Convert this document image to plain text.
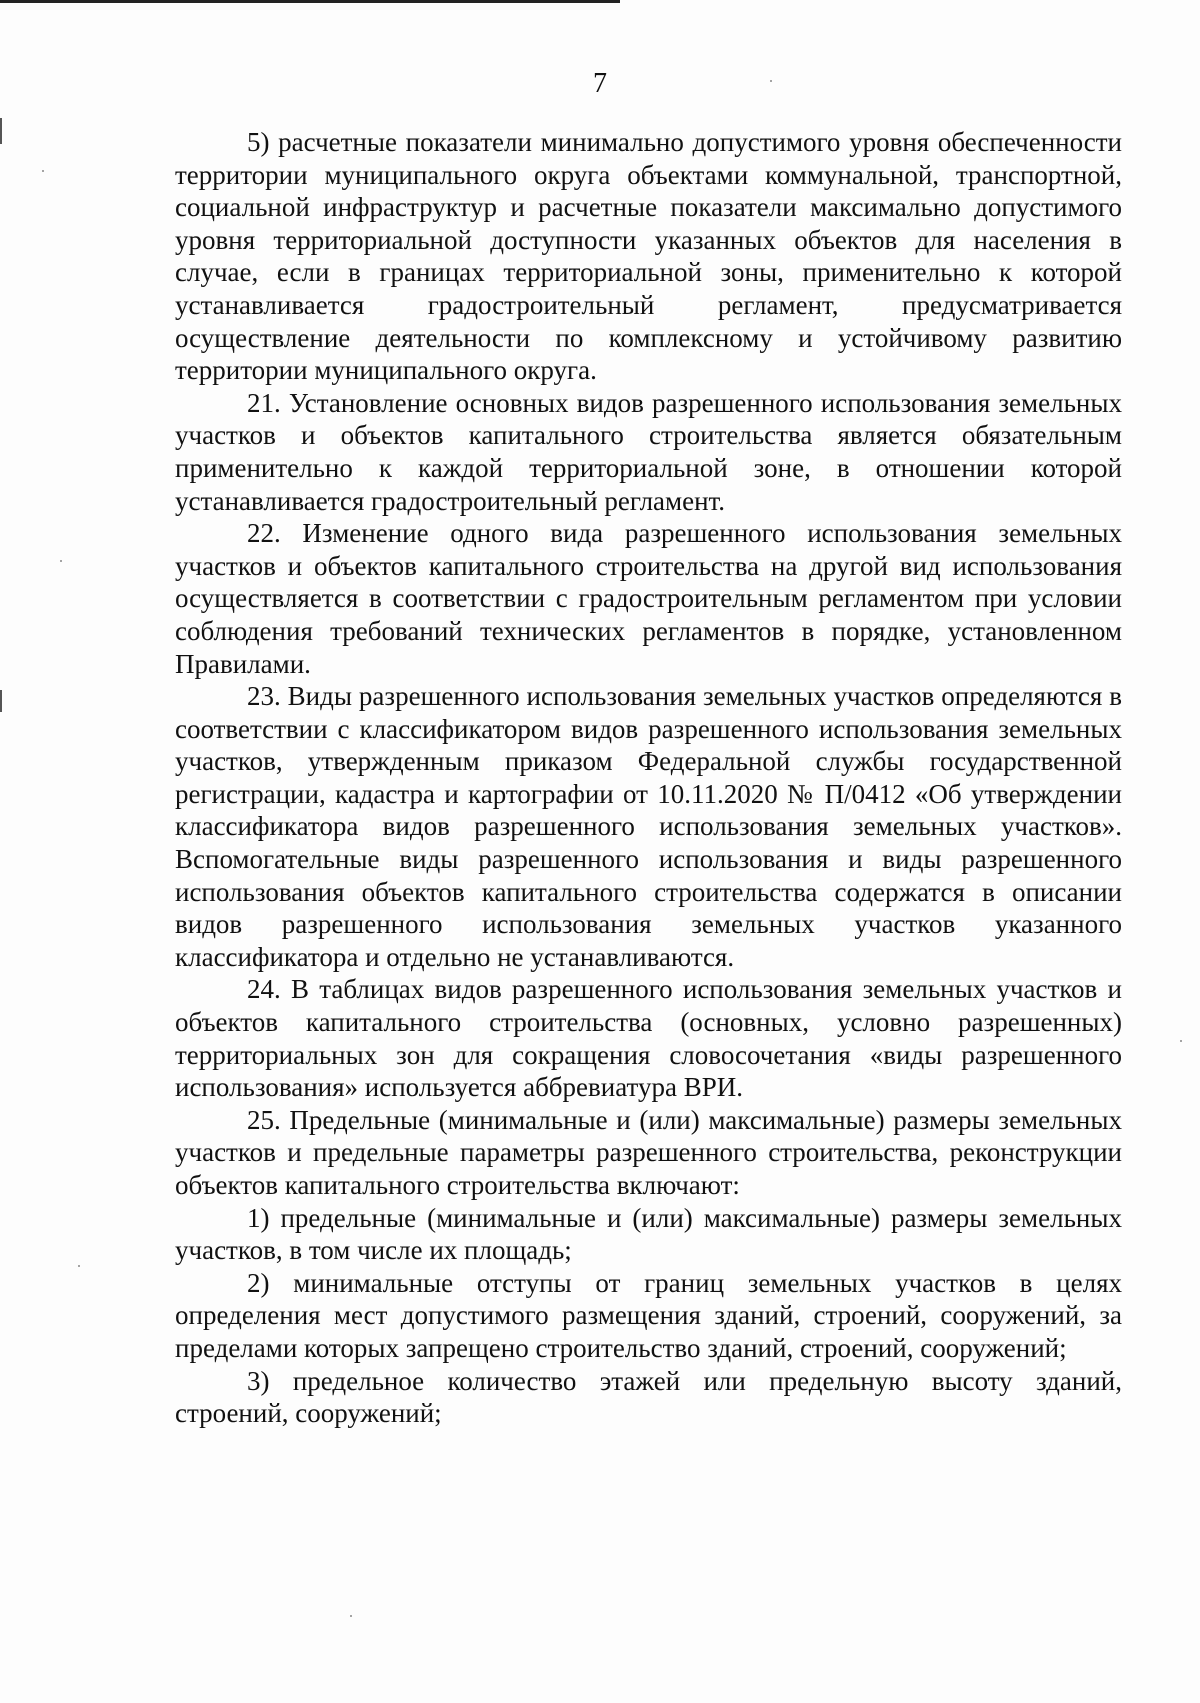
7

5) расчетные показатели минимально допустимого уровня обеспеченности территории муниципального округа объектами коммунальной, транспортной, социальной инфраструктур и расчетные показатели максимально допустимого уровня территориальной доступности указанных объектов для населения в случае, если в границах территориальной зоны, применительно к которой устанавливается градостроительный регламент, предусматривается осуществление деятельности по комплексному и устойчивому развитию территории муниципального округа.

21. Установление основных видов разрешенного использования земельных участков и объектов капитального строительства является обязательным применительно к каждой территориальной зоне, в отношении которой устанавливается градостроительный регламент.

22. Изменение одного вида разрешенного использования земельных участков и объектов капитального строительства на другой вид использования осуществляется в соответствии с градостроительным регламентом при условии соблюдения требований технических регламентов в порядке, установленном Правилами.

23. Виды разрешенного использования земельных участков определяются в соответствии с классификатором видов разрешенного использования земельных участков, утвержденным приказом Федеральной службы государственной регистрации, кадастра и картографии от 10.11.2020 № П/0412 «Об утверждении классификатора видов разрешенного использования земельных участков». Вспомогательные виды разрешенного использования и виды разрешенного использования объектов капитального строительства содержатся в описании видов разрешенного использования земельных участков указанного классификатора и отдельно не устанавливаются.

24. В таблицах видов разрешенного использования земельных участков и объектов капитального строительства (основных, условно разрешенных) территориальных зон для сокращения словосочетания «виды разрешенного использования» используется аббревиатура ВРИ.

25. Предельные (минимальные и (или) максимальные) размеры земельных участков и предельные параметры разрешенного строительства, реконструкции объектов капитального строительства включают:

1) предельные (минимальные и (или) максимальные) размеры земельных участков, в том числе их площадь;

2) минимальные отступы от границ земельных участков в целях определения мест допустимого размещения зданий, строений, сооружений, за пределами которых запрещено строительство зданий, строений, сооружений;

3) предельное количество этажей или предельную высоту зданий, строений, сооружений;
